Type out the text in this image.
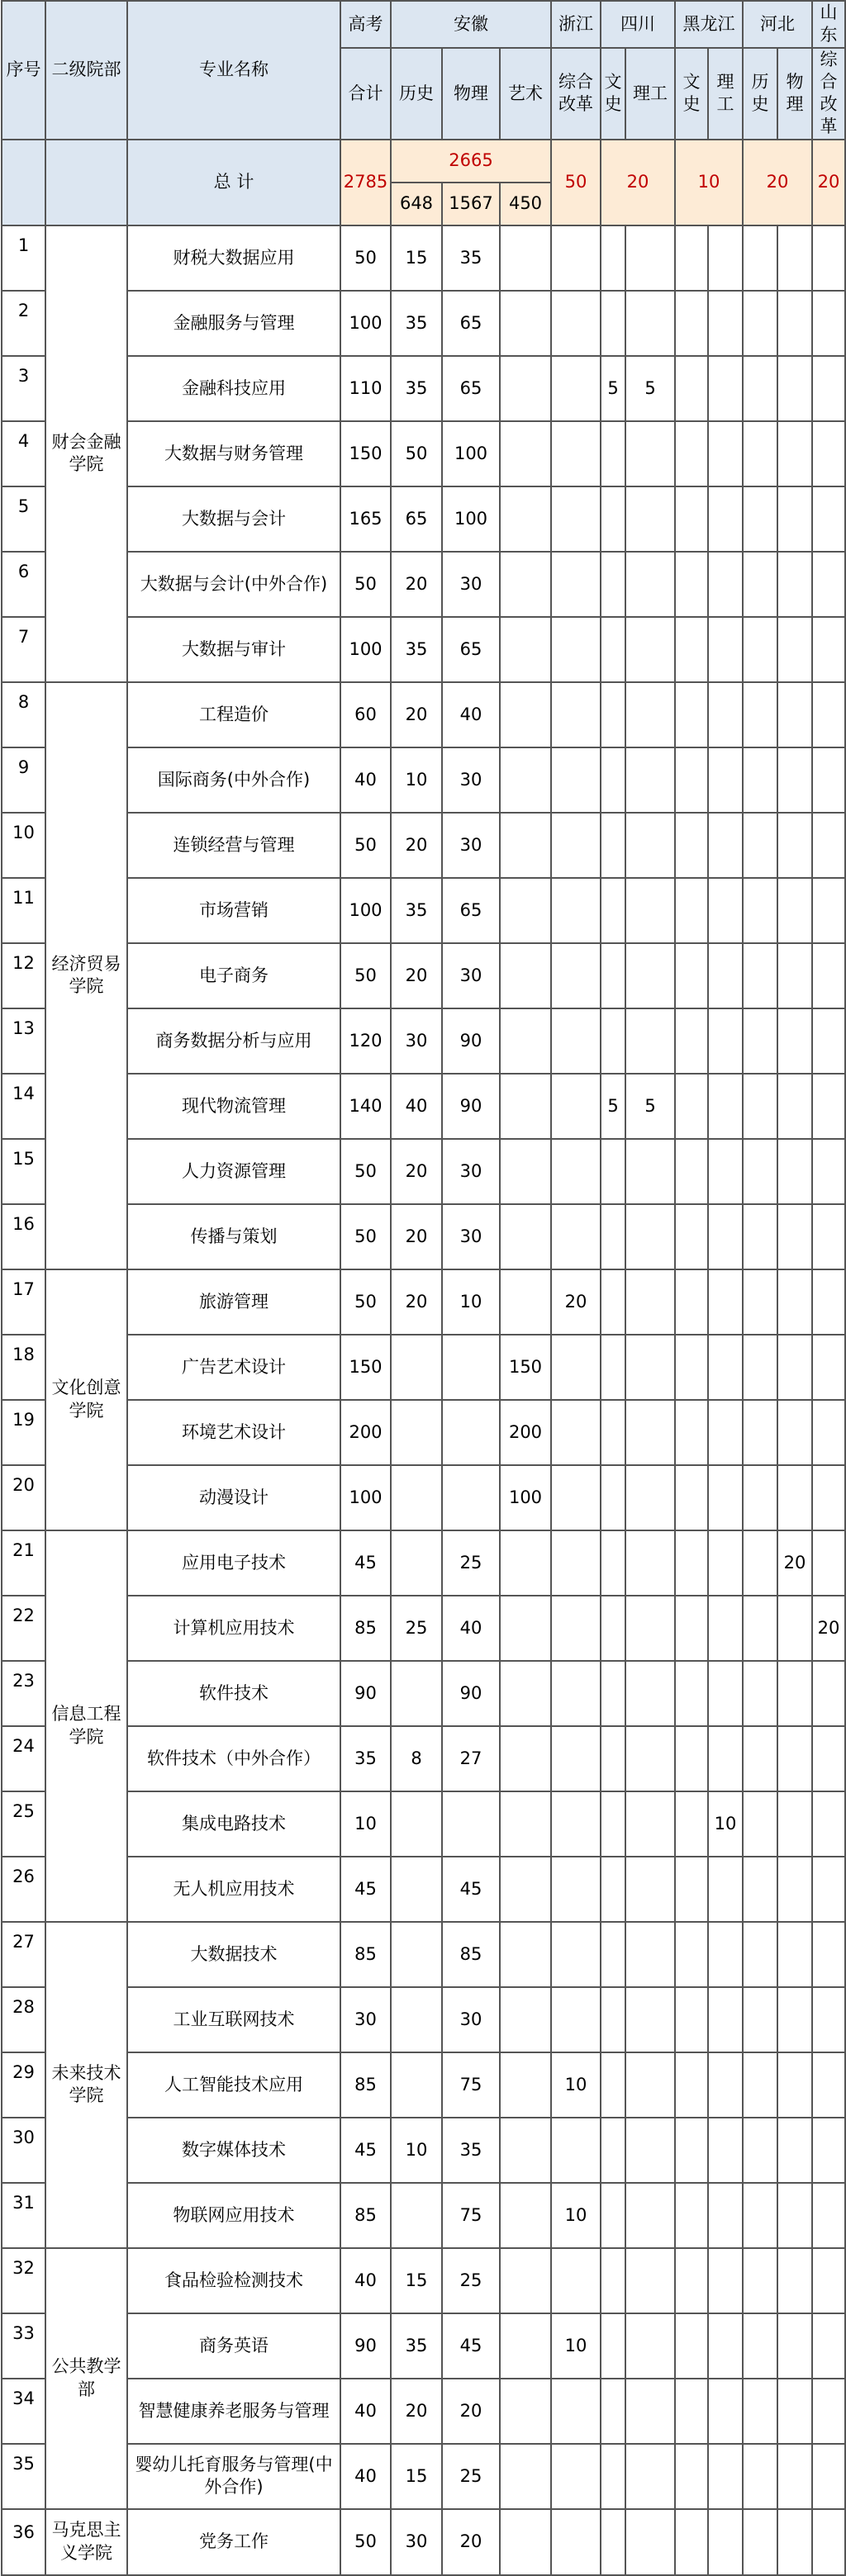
序号	二级院部	专业名称	高考	安徽			浙江	四川		黑龙江		河北		山东
			合计	历史	物理	艺术	综合改革	文史	理工	文史	理工	历史	物理	综合改革
		总 计	2785	2665			50	20		10		20		20
				648	1567	450								
1	财会金融学院	财税大数据应用	50	15	35									
2		金融服务与管理	100	35	65									
3		金融科技应用	110	35	65			5	5					
4		大数据与财务管理	150	50	100									
5		大数据与会计	165	65	100									
6		大数据与会计(中外合作)	50	20	30									
7		大数据与审计	100	35	65									
8	经济贸易学院	工程造价	60	20	40									
9		国际商务(中外合作)	40	10	30									
10		连锁经营与管理	50	20	30									
11		市场营销	100	35	65									
12		电子商务	50	20	30									
13		商务数据分析与应用	120	30	90									
14		现代物流管理	140	40	90			5	5					
15		人力资源管理	50	20	30									
16		传播与策划	50	20	30									
17	文化创意学院	旅游管理	50	20	10		20							
18		广告艺术设计	150			150								
19		环境艺术设计	200			200								
20		动漫设计	100			100								
21	信息工程学院	应用电子技术	45		25								20	
22		计算机应用技术	85	25	40									20
23		软件技术	90		90									
24		软件技术（中外合作）	35	8	27									
25		集成电路技术	10								10			
26		无人机应用技术	45		45									
27	未来技术学院	大数据技术	85		85									
28		工业互联网技术	30		30									
29		人工智能技术应用	85		75		10							
30		数字媒体技术	45	10	35									
31		物联网应用技术	85		75		10							
32	公共教学部	食品检验检测技术	40	15	25									
33		商务英语	90	35	45		10							
34		智慧健康养老服务与管理	40	20	20									
35		婴幼儿托育服务与管理(中外合作)	40	15	25									
36	马克思主义学院	党务工作	50	30	20									
